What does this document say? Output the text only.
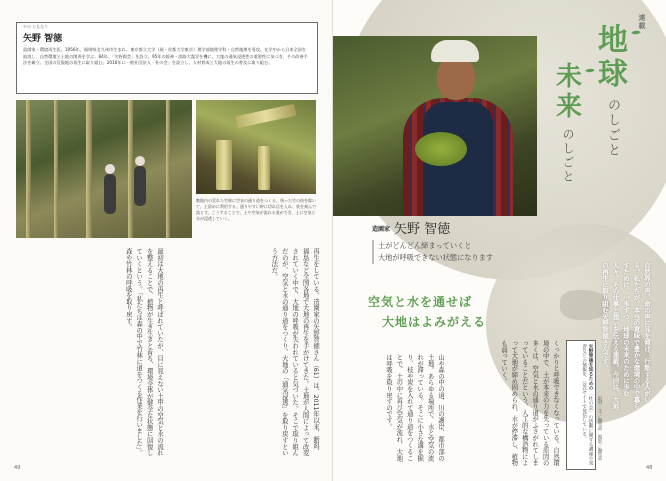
やの ともなり
矢野 智徳
造園家・環境再生医。1956年、福岡県北九州市生まれ。東京都立大学（現・首都大学東京）理学部地理学科・自然地理を専攻。在学中から日本全国を放浪し、自然環境と土地の関係を学ぶ。84年、「矢野園芸」を設立。95年の阪神・淡路大震災を機に、大地の通気浸透性の重要性に気づき、その改善手法を確立。全国の荒廃地の再生に取り組む。2016年に一般社団法人「杜の会」を設立し、人材育成と大地の再生の普及に取り組む。
敷地内の荒れた竹林に空気の通り道をつくる。残った竹の枝を除いて、土留めに利用する。通りやすい幹に切れ目を入れ、枝を刻んで落とす。こうすることで、土や空気が流れる道ができ、土に空気と水が浸透していく。
再生をしている。造園家の矢野智徳さん（61）は、2011年以来、新潟、福島など全国各地で大地の再生を手がけてきた。土地が人間によって改変されていく中で、大地の呼吸が失われていると気づいた。そこで取り組んだのが、空気と水の通り道をつくり、大地の「通気浸透」を取り戻すという方法だ。
最初は大地の再生と呼ばれていたが、目に見えない土中の空気と水の流れを整えることで、植物が生き生きと育ち、環境全体が健全な状態に回復していくという。「私たちは森の中で竹林に道をつくる作業を行いました」。森や竹林の呼吸を取り戻す。
49
連載
地
球
のしごと
未
来
のしごと
造園家 矢野 智徳
土がどんどん締まっていくと
大地が呼吸できない状態になります
空気と水を通せば
大地はよみがえる	自然界の声、命の声に耳を傾け、行動する人がいる。私たちが、本当の意味で豊かな環境の中で暮らすために、一歩ずつ、地球の未来のために歩む人々。その仕事と想いを伝える連載。今回は、大地の再生に取り組む矢野智徳さんです。
くっかりと呼吸できなくなっている。自然環境の中で、土が本来の力を失っている原因の多くは、空気と水の通り道がふさがれてしまっていることだという。人工的な構造物によって大地が締め固められ、水が停滞し、植物も弱っていく。
山や森の中の道、川の護岸、都市部の土地。あらゆる場所で、水と空気の流れが滞っている。そこに小さな溝を掘り、枝や炭を入れて通り道をつくることで、土の中に再び空気が流れ、大地は呼吸を取り戻すのです。	矢野智徳を知るための 「杜の会」の活動に関する講座や実習などの情報を、公式サイトで発信している。	取材・文／編集部　撮影／編集部
48
